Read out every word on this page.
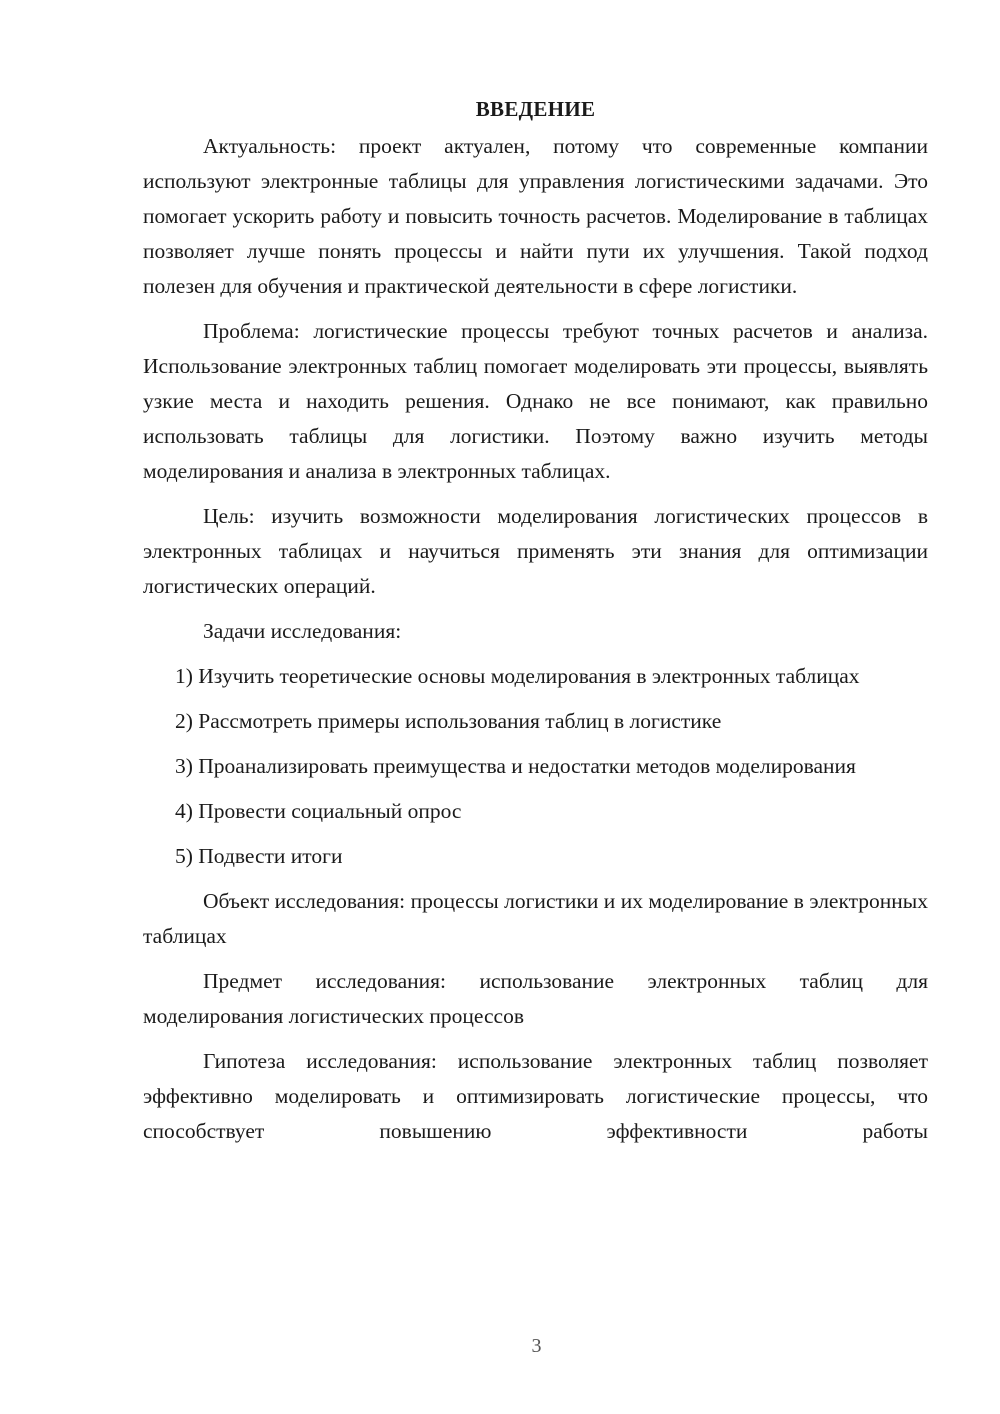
ВВЕДЕНИЕ

Актуальность: проект актуален, потому что современные компании используют электронные таблицы для управления логистическими задачами. Это помогает ускорить работу и повысить точность расчетов. Моделирование в таблицах позволяет лучше понять процессы и найти пути их улучшения. Такой подход полезен для обучения и практической деятельности в сфере логистики.

Проблема: логистические процессы требуют точных расчетов и анализа. Использование электронных таблиц помогает моделировать эти процессы, выявлять узкие места и находить решения. Однако не все понимают, как правильно использовать таблицы для логистики. Поэтому важно изучить методы моделирования и анализа в электронных таблицах.

Цель: изучить возможности моделирования логистических процессов в электронных таблицах и научиться применять эти знания для оптимизации логистических операций.

Задачи исследования:

1) Изучить теоретические основы моделирования в электронных таблицах

2) Рассмотреть примеры использования таблиц в логистике

3) Проанализировать преимущества и недостатки методов моделирования

4) Провести социальный опрос

5) Подвести итоги

Объект исследования: процессы логистики и их моделирование в электронных таблицах

Предмет исследования: использование электронных таблиц для моделирования логистических процессов

Гипотеза исследования: использование электронных таблиц позволяет эффективно моделировать и оптимизировать логистические процессы, что способствует повышению эффективности работы

3
